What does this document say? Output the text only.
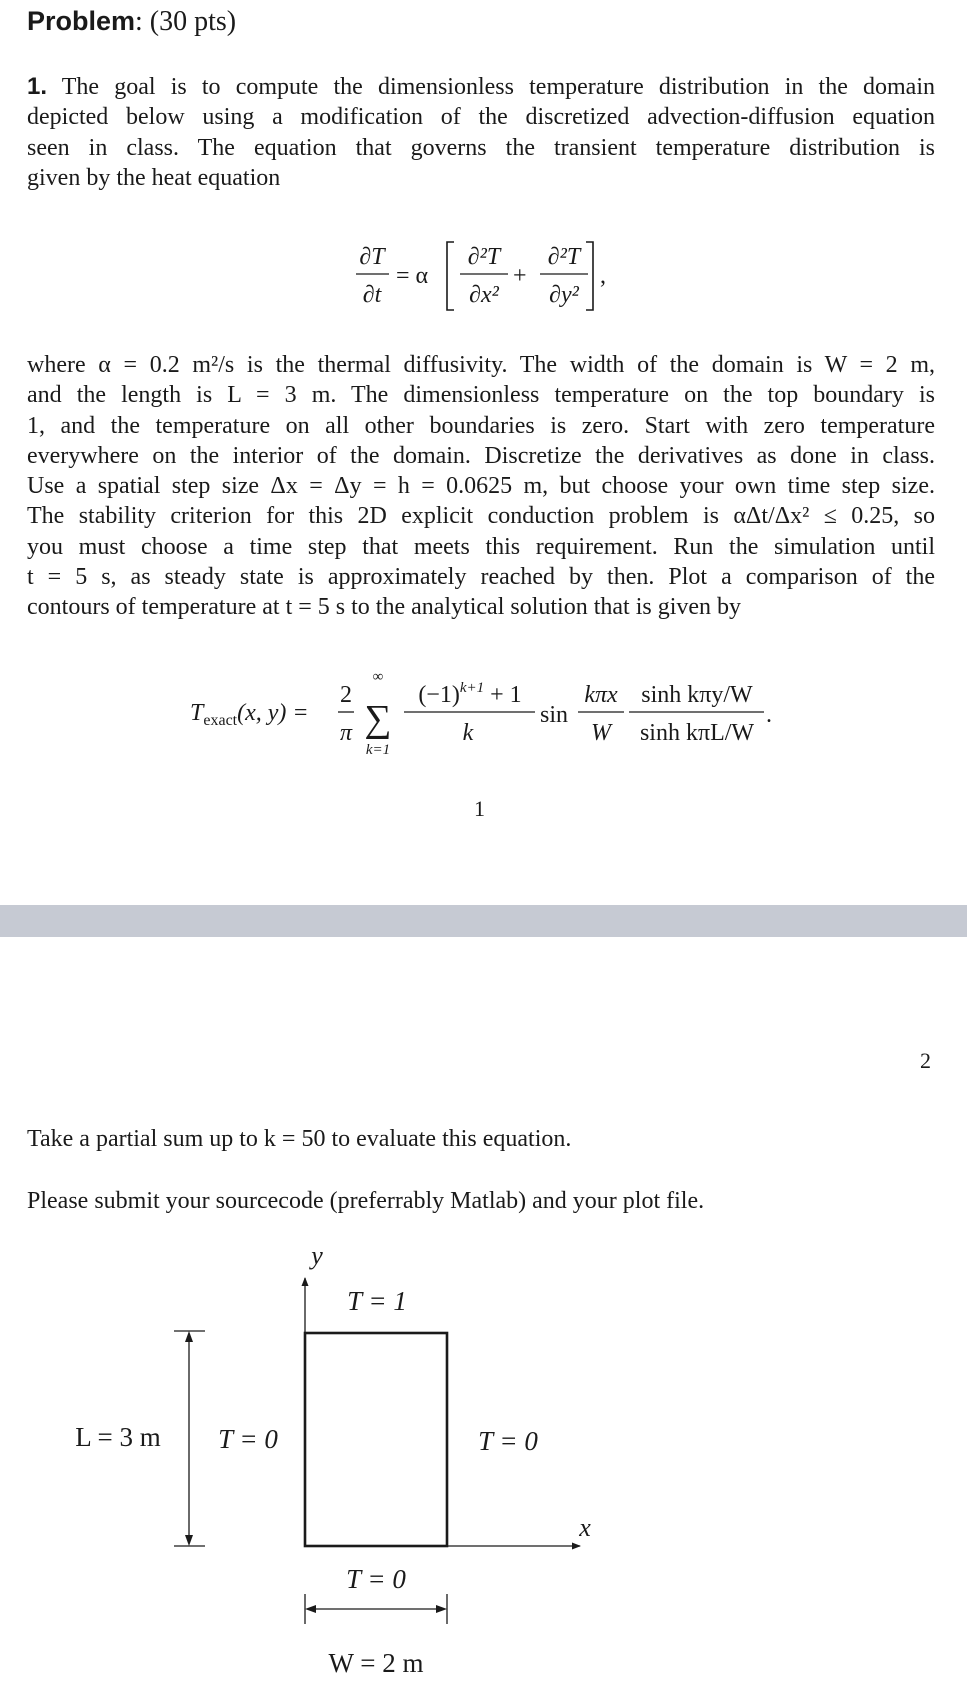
Problem: (30 pts)
1. The goal is to compute the dimensionless temperature distribution in the domain
depicted below using a modification of the discretized advection-diffusion equation
seen in class. The equation that governs the transient temperature distribution is
given by the heat equation
∂T
∂t
= α
∂²T
∂x²
+
∂²T
∂y²
,
$T_{exact}(x$, y) =
2
π
∞
∑
k=1
$(-1)^{k+1} + 1$
k
sin
kπx
W
sinh kπy/W
sinh kπL/W
.
y
x
T = 1
T = 0	T = 0
T = 0
L = 3 m
W = 2 m
where α = 0.2 m²/s is the thermal diffusivity. The width of the domain is W = 2 m,
and the length is L = 3 m. The dimensionless temperature on the top boundary is
1, and the temperature on all other boundaries is zero. Start with zero temperature
everywhere on the interior of the domain. Discretize the derivatives as done in class.
Use a spatial step size Δx = Δy = h = 0.0625 m, but choose your own time step size.
The stability criterion for this 2D explicit conduction problem is αΔt/Δx² ≤ 0.25, so
you must choose a time step that meets this requirement. Run the simulation until
t = 5 s, as steady state is approximately reached by then. Plot a comparison of the
contours of temperature at t = 5 s to the analytical solution that is given by
1
2
Take a partial sum up to k = 50 to evaluate this equation.
Please submit your sourcecode (preferrably Matlab) and your plot file.
